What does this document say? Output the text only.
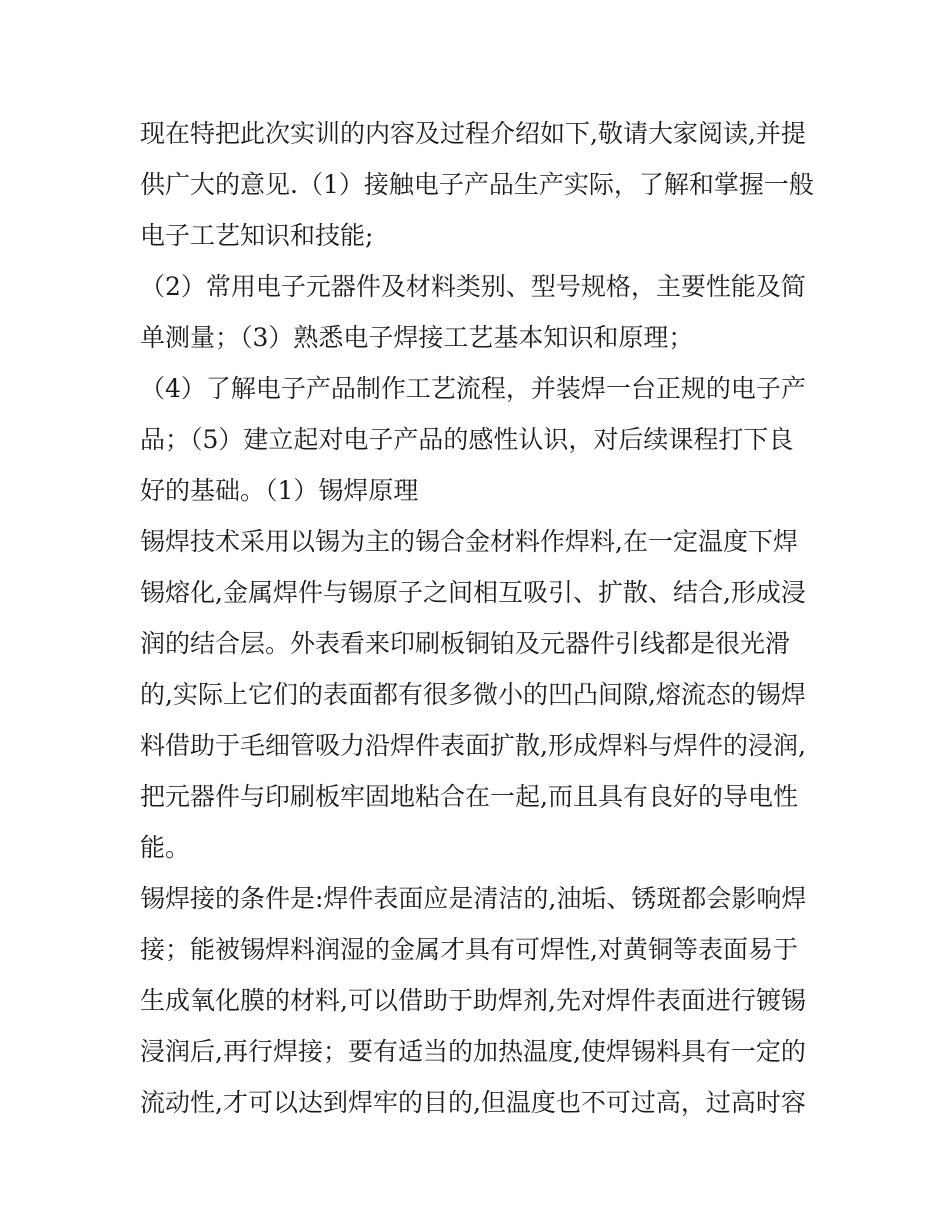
现在特把此次实训的内容及过程介绍如下,敬请大家阅读,并提
供广大的意见.（1）接触电子产品生产实际，了解和掌握一般
电子工艺知识和技能;
（2）常用电子元器件及材料类别、型号规格，主要性能及简
单测量；（3）熟悉电子焊接工艺基本知识和原理；
（4）了解电子产品制作工艺流程，并装焊一台正规的电子产
品；（5）建立起对电子产品的感性认识，对后续课程打下良
好的基础。（1）锡焊原理
锡焊技术采用以锡为主的锡合金材料作焊料,在一定温度下焊
锡熔化,金属焊件与锡原子之间相互吸引、扩散、结合,形成浸
润的结合层。外表看来印刷板铜铂及元器件引线都是很光滑
的,实际上它们的表面都有很多微小的凹凸间隙,熔流态的锡焊
料借助于毛细管吸力沿焊件表面扩散,形成焊料与焊件的浸润,
把元器件与印刷板牢固地粘合在一起,而且具有良好的导电性
能。
锡焊接的条件是:焊件表面应是清洁的,油垢、锈斑都会影响焊
接；能被锡焊料润湿的金属才具有可焊性,对黄铜等表面易于
生成氧化膜的材料,可以借助于助焊剂,先对焊件表面进行镀锡
浸润后,再行焊接；要有适当的加热温度,使焊锡料具有一定的
流动性,才可以达到焊牢的目的,但温度也不可过高，过高时容
